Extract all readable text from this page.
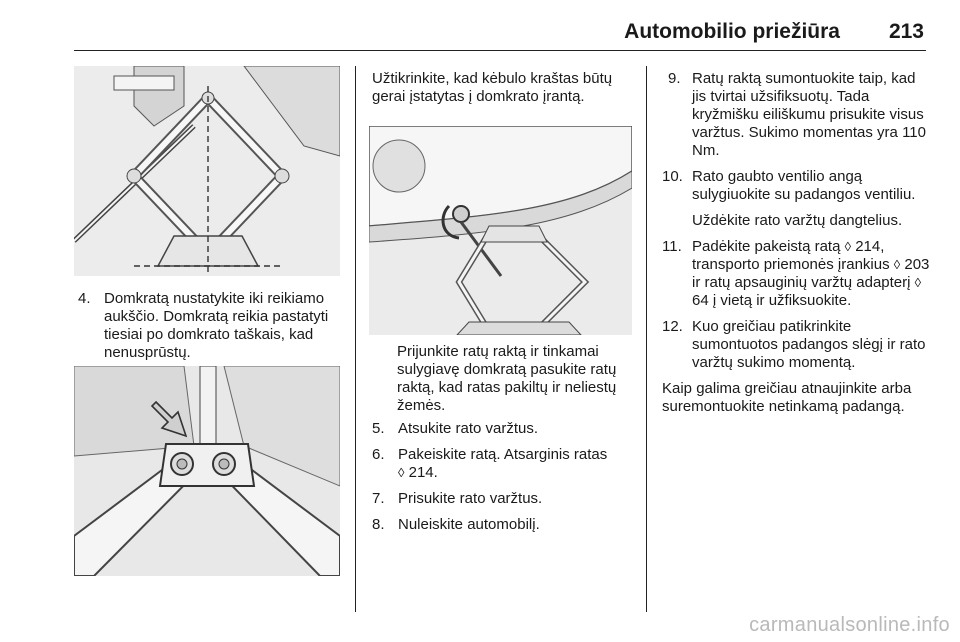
Automobilio priežiūra	213
4. Domkratą nustatykite iki reikiamo aukščio. Domkratą reikia pastatyti tiesiai po domkrato taškais, kad nenusprūstų.

Užtikrinkite, kad kėbulo kraštas būtų gerai įstatytas į domkrato įrantą.

Prijunkite ratų raktą ir tinkamai sulygiavę domkratą pasukite ratų raktą, kad ratas pakiltų ir neliestų žemės.

5. Atsukite rato varžtus.
6. Pakeiskite ratą. Atsarginis ratas
◊ 214.
7. Prisukite rato varžtus.
8. Nuleiskite automobilį.
9. Ratų raktą sumontuokite taip, kad jis tvirtai užsifiksuotų. Tada kryžmišku eiliškumu prisukite visus varžtus. Sukimo momentas yra 110 Nm.
10. Rato gaubto ventilio angą sulygiuokite su padangos ventiliu.
Uždėkite rato varžtų dangtelius.
11. Padėkite pakeistą ratą ◊ 214, transporto priemonės įrankius ◊ 203 ir ratų apsauginių varžtų adapterį ◊ 64 į vietą ir užfiksuokite.
12. Kuo greičiau patikrinkite sumontuotos padangos slėgį ir rato varžtų sukimo momentą.

Kaip galima greičiau atnaujinkite arba suremontuokite netinkamą padangą.

carmanualsonline.info
